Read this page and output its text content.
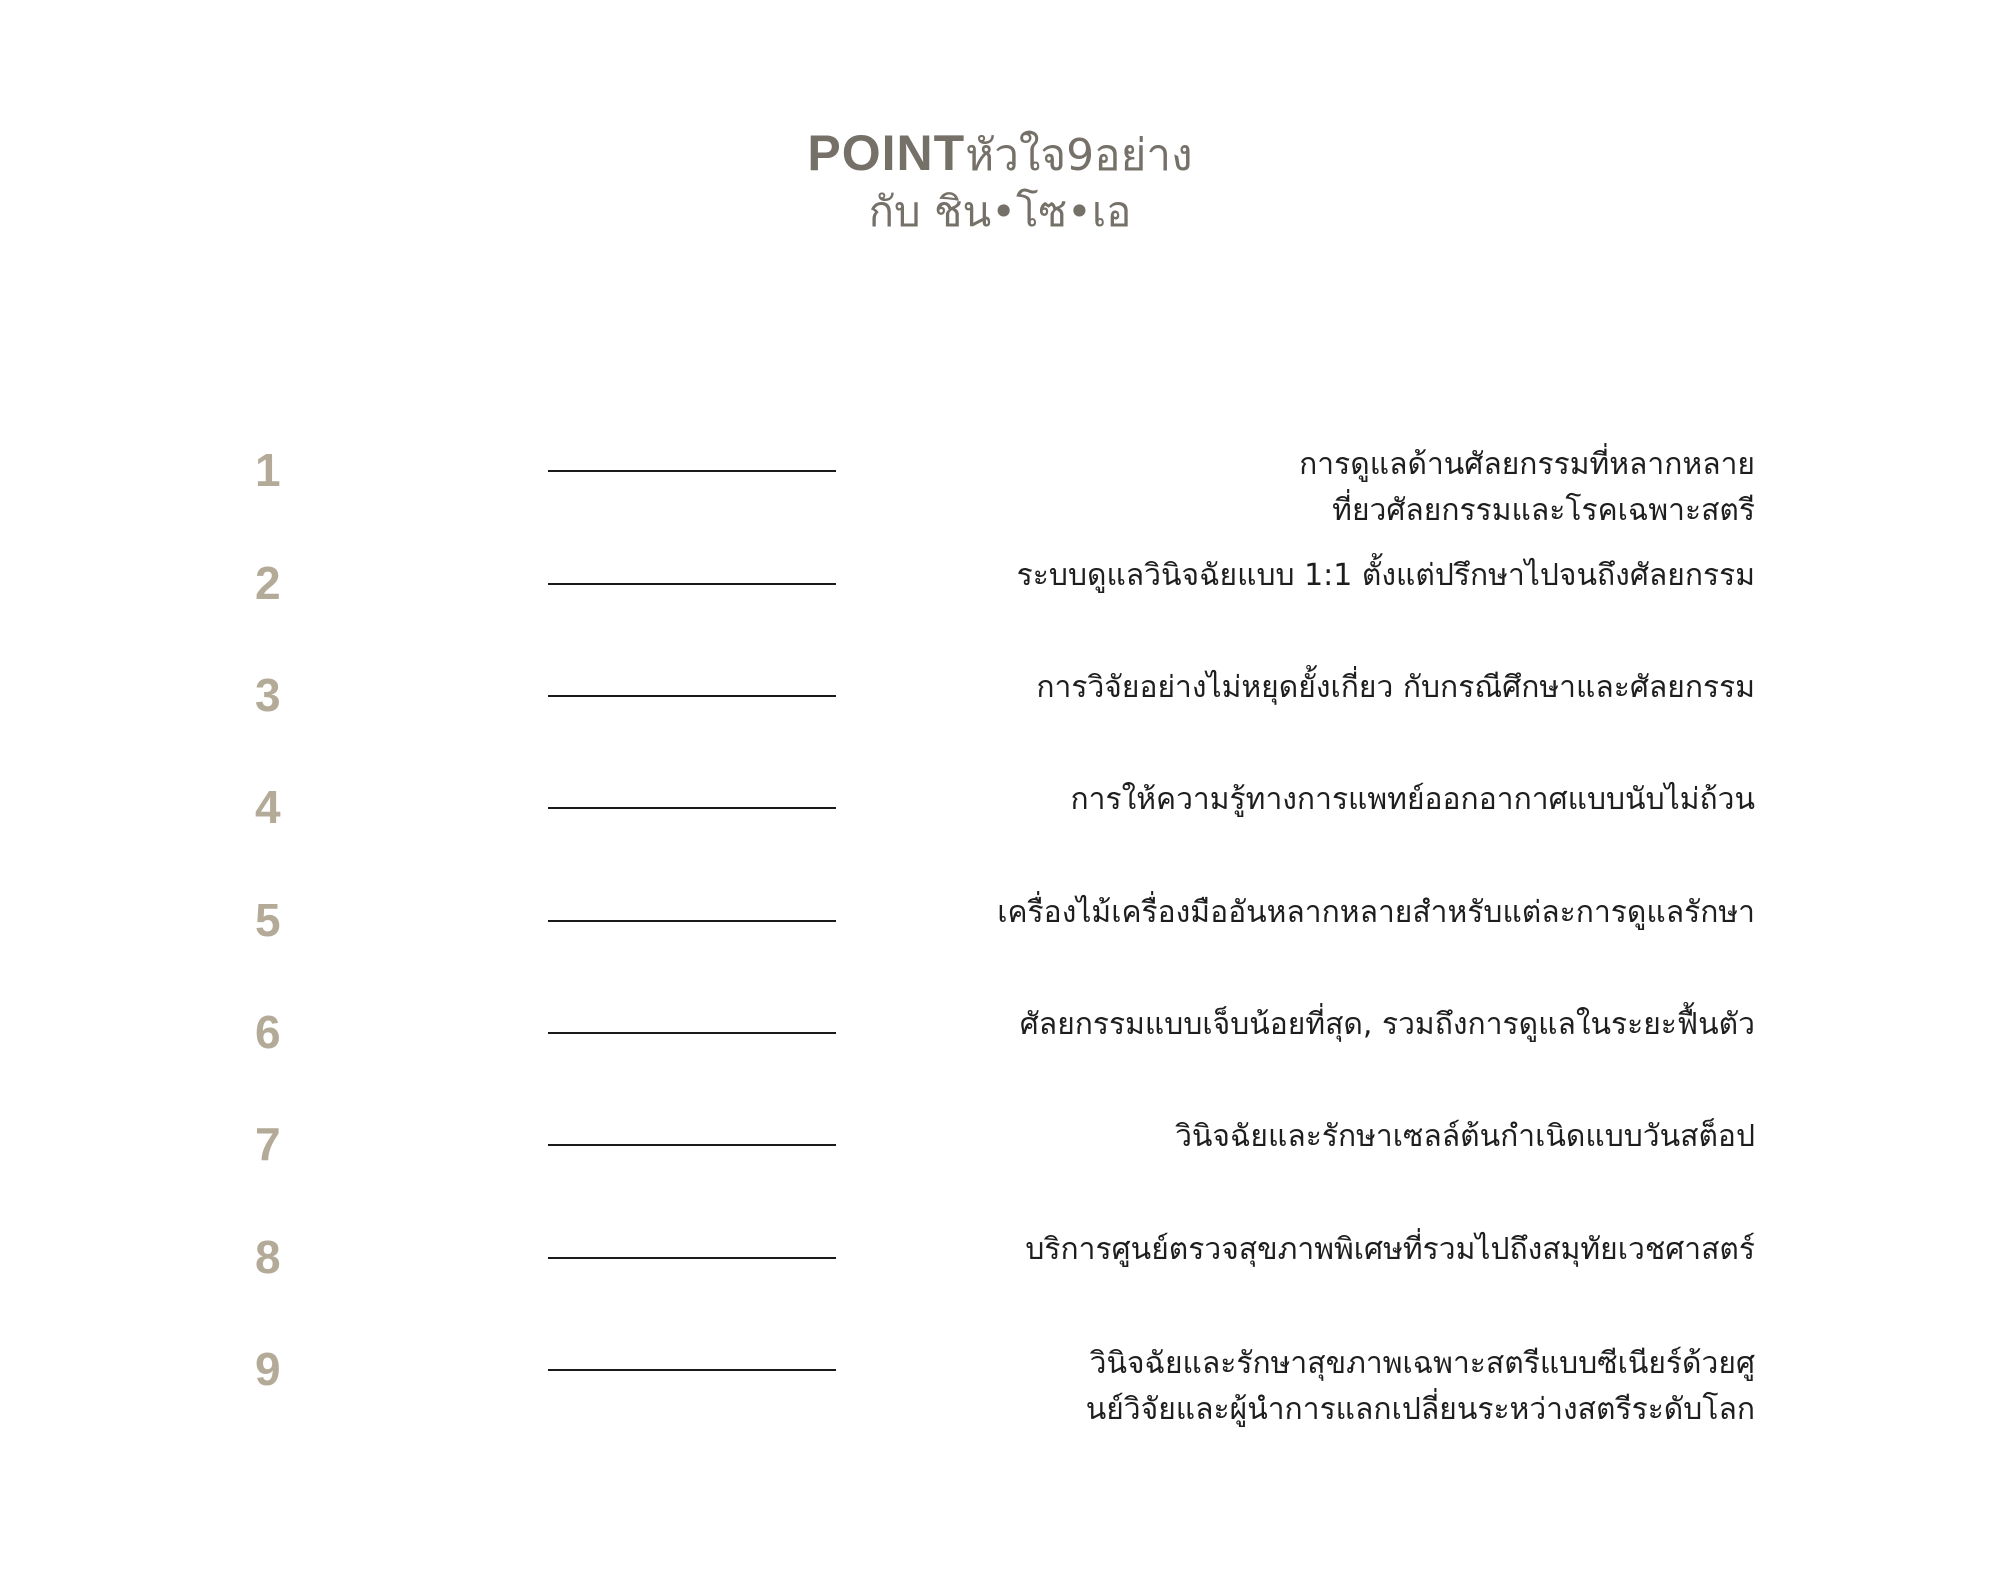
POINTหัวใจ9อย่าง
กับ ชิน•โซ•เอ
1	การดูแลด้านศัลยกรรมที่หลากหลาย
ที่ยวศัลยกรรมและโรคเฉพาะสตรี
2	ระบบดูแลวินิจฉัยแบบ 1:1 ตั้งแต่ปรึกษาไปจนถึงศัลยกรรม
3	การวิจัยอย่างไม่หยุดยั้งเกี่ยว กับกรณีศึกษาและศัลยกรรม
4	การให้ความรู้ทางการแพทย์ออกอากาศแบบนับไม่ถ้วน
5	เครื่องไม้เครื่องมืออันหลากหลายสำหรับแต่ละการดูแลรักษา
6	ศัลยกรรมแบบเจ็บน้อยที่สุด, รวมถึงการดูแลในระยะฟื้นตัว
7	วินิจฉัยและรักษาเซลล์ต้นกำเนิดแบบวันสต็อป
8	บริการศูนย์ตรวจสุขภาพพิเศษที่รวมไปถึงสมุทัยเวชศาสตร์
9	วินิจฉัยและรักษาสุขภาพเฉพาะสตรีแบบซีเนียร์ด้วยศู
นย์วิจัยและผู้นำการแลกเปลี่ยนระหว่างสตรีระดับโลก
